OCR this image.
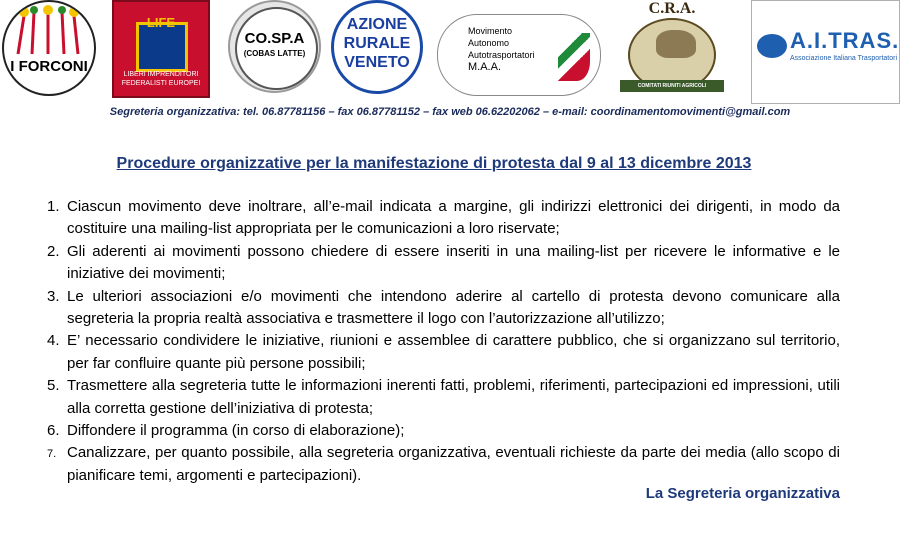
I FORCONI
LIFE
LIBERI IMPRENDITORI FEDERALISTI EUROPEI
CO.SP.A
(COBAS LATTE)
AZIONE
RURALE
VENETO
Movimento
Autonomo
Autotrasportatori
M.A.A.
C.R.A.
COMITATI RIUNITI AGRICOLI
A.I.TRAS.
Associazione Italiana Trasportatori
Segreteria organizzativa: tel. 06.87781156 – fax 06.87781152 – fax web 06.62202062 – e-mail: coordinamentomovimenti@gmail.com
Procedure organizzative per la manifestazione di protesta dal 9 al 13 dicembre 2013
1. Ciascun movimento deve inoltrare, all’e-mail indicata a margine, gli indirizzi elettronici dei dirigenti, in modo da costituire una mailing-list appropriata per le comunicazioni a loro riservate;
2. Gli aderenti ai movimenti possono chiedere di essere inseriti in una mailing-list per ricevere le informative e le iniziative dei movimenti;
3. Le ulteriori associazioni e/o movimenti che intendono aderire al cartello di protesta devono comunicare alla segreteria la propria realtà associativa e trasmettere il logo con l’autorizzazione all’utilizzo;
4. E’ necessario condividere le iniziative, riunioni e assemblee di carattere pubblico, che si organizzano sul territorio, per far confluire quante più persone possibili;
5. Trasmettere alla segreteria tutte le informazioni inerenti fatti, problemi, riferimenti, partecipazioni ed impressioni, utili alla corretta gestione dell’iniziativa di protesta;
6. Diffondere il programma (in corso di elaborazione);
7. Canalizzare, per quanto possibile, alla segreteria organizzativa, eventuali richieste da parte dei media (allo scopo di pianificare temi, argomenti e partecipazioni).
La Segreteria organizzativa
